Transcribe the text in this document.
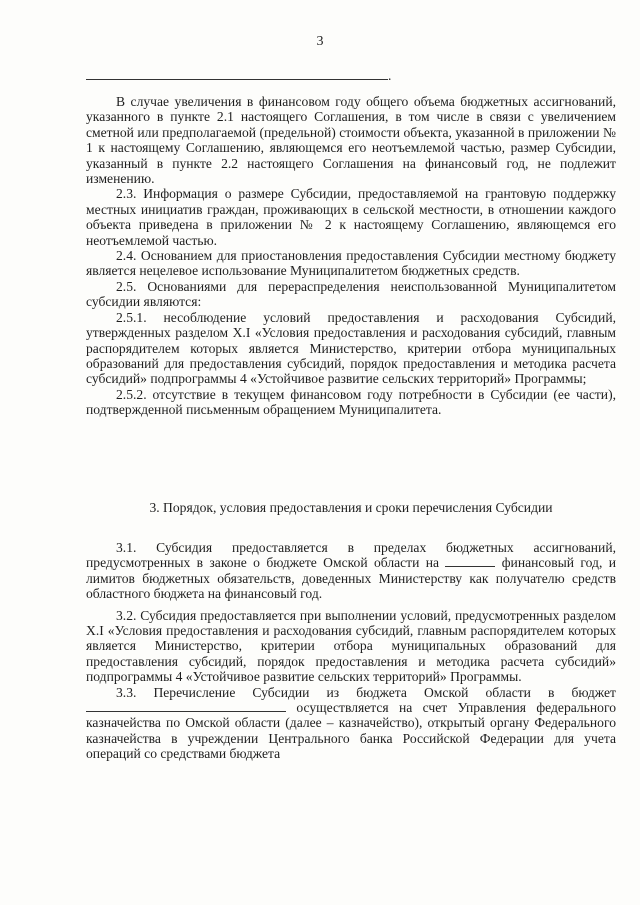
3
.

В случае увеличения в финансовом году общего объема бюджетных ассигнований, указанного в пункте 2.1 настоящего Соглашения, в том числе в связи с увеличением сметной или предполагаемой (предельной) стоимости объекта, указанной в приложении № 1 к настоящему Соглашению, являющемся его неотъемлемой частью, размер Субсидии, указанный в пункте 2.2 настоящего Соглашения на финансовый год, не подлежит изменению.

2.3. Информация о размере Субсидии, предоставляемой на грантовую поддержку местных инициатив граждан, проживающих в сельской местности, в отношении каждого объекта приведена в приложении № 2 к настоящему Соглашению, являющемся его неотъемлемой частью.

2.4. Основанием для приостановления предоставления Субсидии местному бюджету является нецелевое использование Муниципалитетом бюджетных средств.

2.5. Основаниями для перераспределения неиспользованной Муниципалитетом субсидии являются:

2.5.1. несоблюдение условий предоставления и расходования Субсидий, утвержденных разделом X.I «Условия предоставления и расходования субсидий, главным распорядителем которых является Министерство, критерии отбора муниципальных образований для предоставления субсидий, порядок предоставления и методика расчета субсидий» подпрограммы 4 «Устойчивое развитие сельских территорий» Программы;

2.5.2. отсутствие в текущем финансовом году потребности в Субсидии (ее части), подтвержденной письменным обращением Муниципалитета.

3. Порядок, условия предоставления и сроки перечисления Субсидии

3.1. Субсидия предоставляется в пределах бюджетных ассигнований, предусмотренных в законе о бюджете Омской области на	финансовый год, и лимитов бюджетных обязательств, доведенных Министерству как получателю средств областного бюджета на финансовый год.

3.2. Субсидия предоставляется при выполнении условий, предусмотренных разделом X.I «Условия предоставления и расходования субсидий, главным распорядителем которых является Министерство, критерии отбора муниципальных образований для предоставления субсидий, порядок предоставления и методика расчета субсидий» подпрограммы 4 «Устойчивое развитие сельских территорий» Программы.

3.3. Перечисление Субсидии из бюджета Омской области в бюджет  осуществляется на счет Управления федерального казначейства по Омской области (далее – казначейство), открытый органу Федерального казначейства в учреждении Центрального банка Российской Федерации для учета операций со средствами бюджета
